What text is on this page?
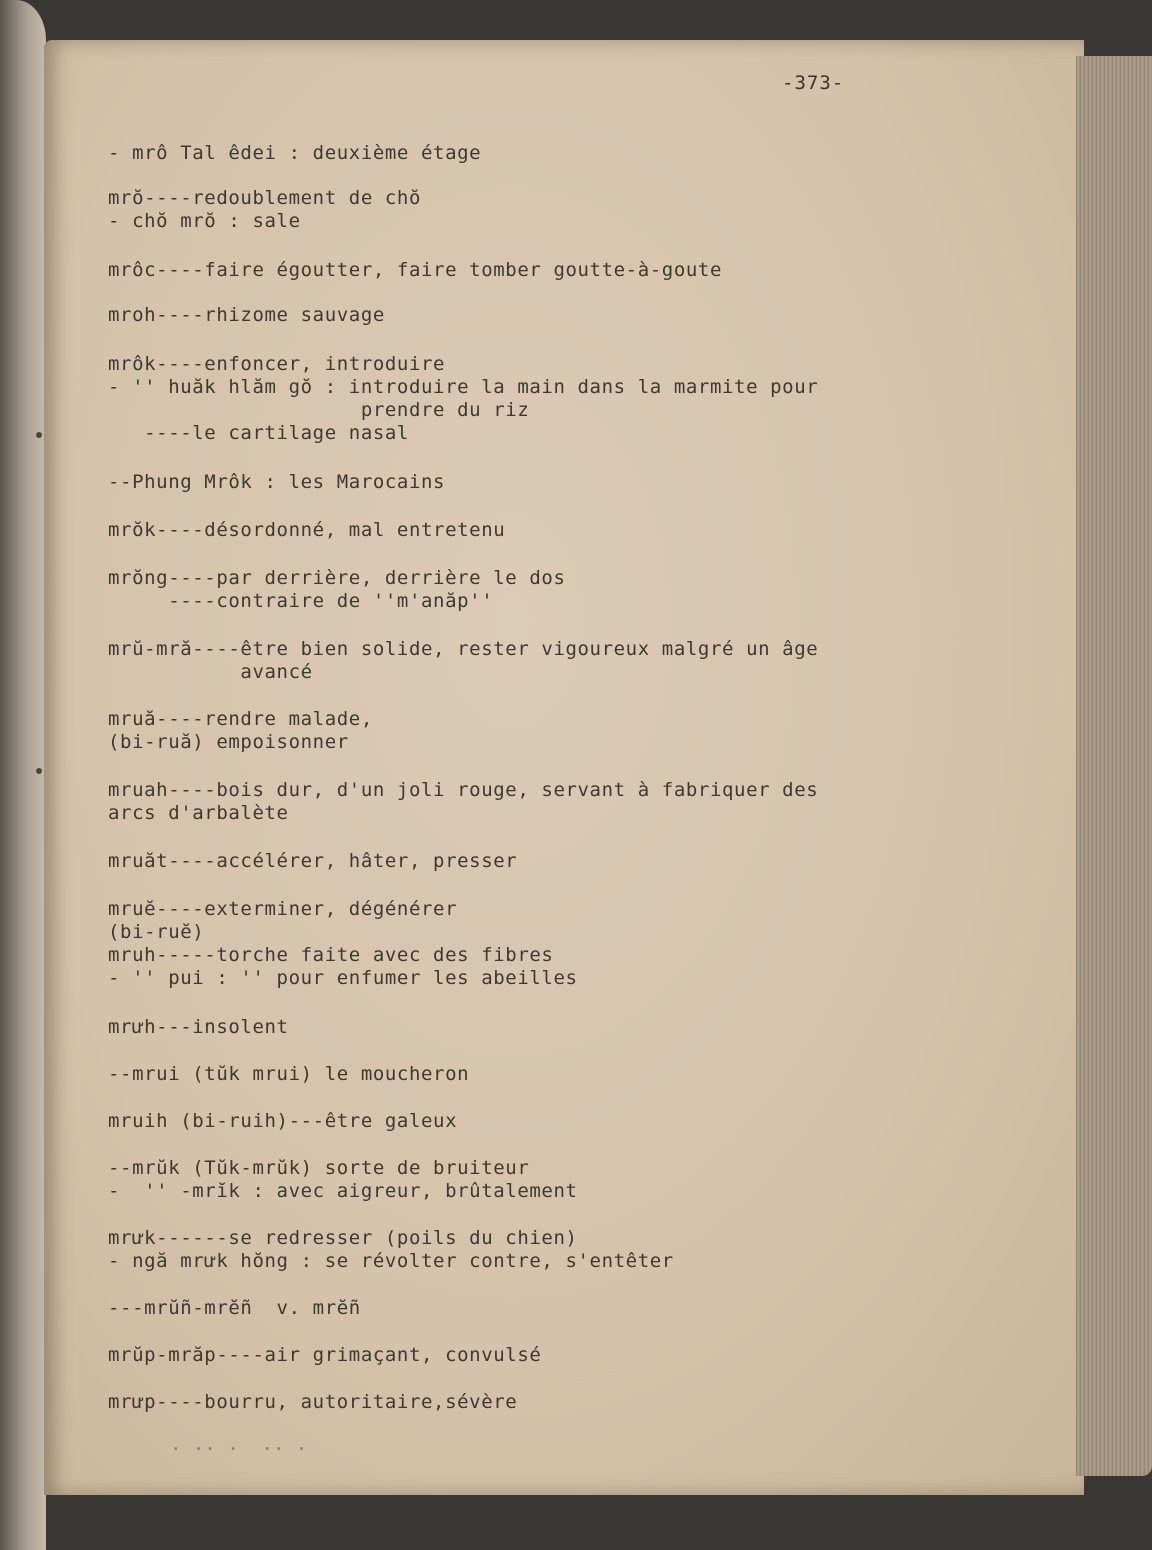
-373-
- mrô Tal êdei : deuxième étage
mrŏ----redoublement de chŏ
- chŏ mrŏ : sale
mrôc----faire égoutter, faire tomber goutte-à-goute
mroh----rhizome sauvage
mrôk----enfoncer, introduire
- '' huăk hlăm gŏ : introduire la main dans la marmite pour
prendre du riz
----le cartilage nasal
--Phung Mrôk : les Marocains
mrŏk----désordonné, mal entretenu
mrŏng----par derrière, derrière le dos
----contraire de ''m'anăp''
mrŭ-mră----être bien solide, rester vigoureux malgré un âge
avancé
mruă----rendre malade,
(bi-ruă) empoisonner
mruah----bois dur, d'un joli rouge, servant à fabriquer des
arcs d'arbalète
mruăt----accélérer, hâter, presser
mruĕ----exterminer, dégénérer
(bi-ruĕ)
mruh-----torche faite avec des fibres
- '' pui : '' pour enfumer les abeilles
mrưh---insolent
--mrui (tŭk mrui) le moucheron
mruih (bi-ruih)---être galeux
--mrŭk (Tŭk-mrŭk) sorte de bruiteur
-  '' -mrĭk : avec aigreur, brûtalement
mrưk------se redresser (poils du chien)
- ngă mrưk hŏng : se révolter contre, s'entêter
---mrŭñ-mrĕñ  v. mrĕñ
mrŭp-mrăp----air grimaçant, convulsé
mrưp----bourru, autoritaire,sévère
· ·· ·  ·· ·
